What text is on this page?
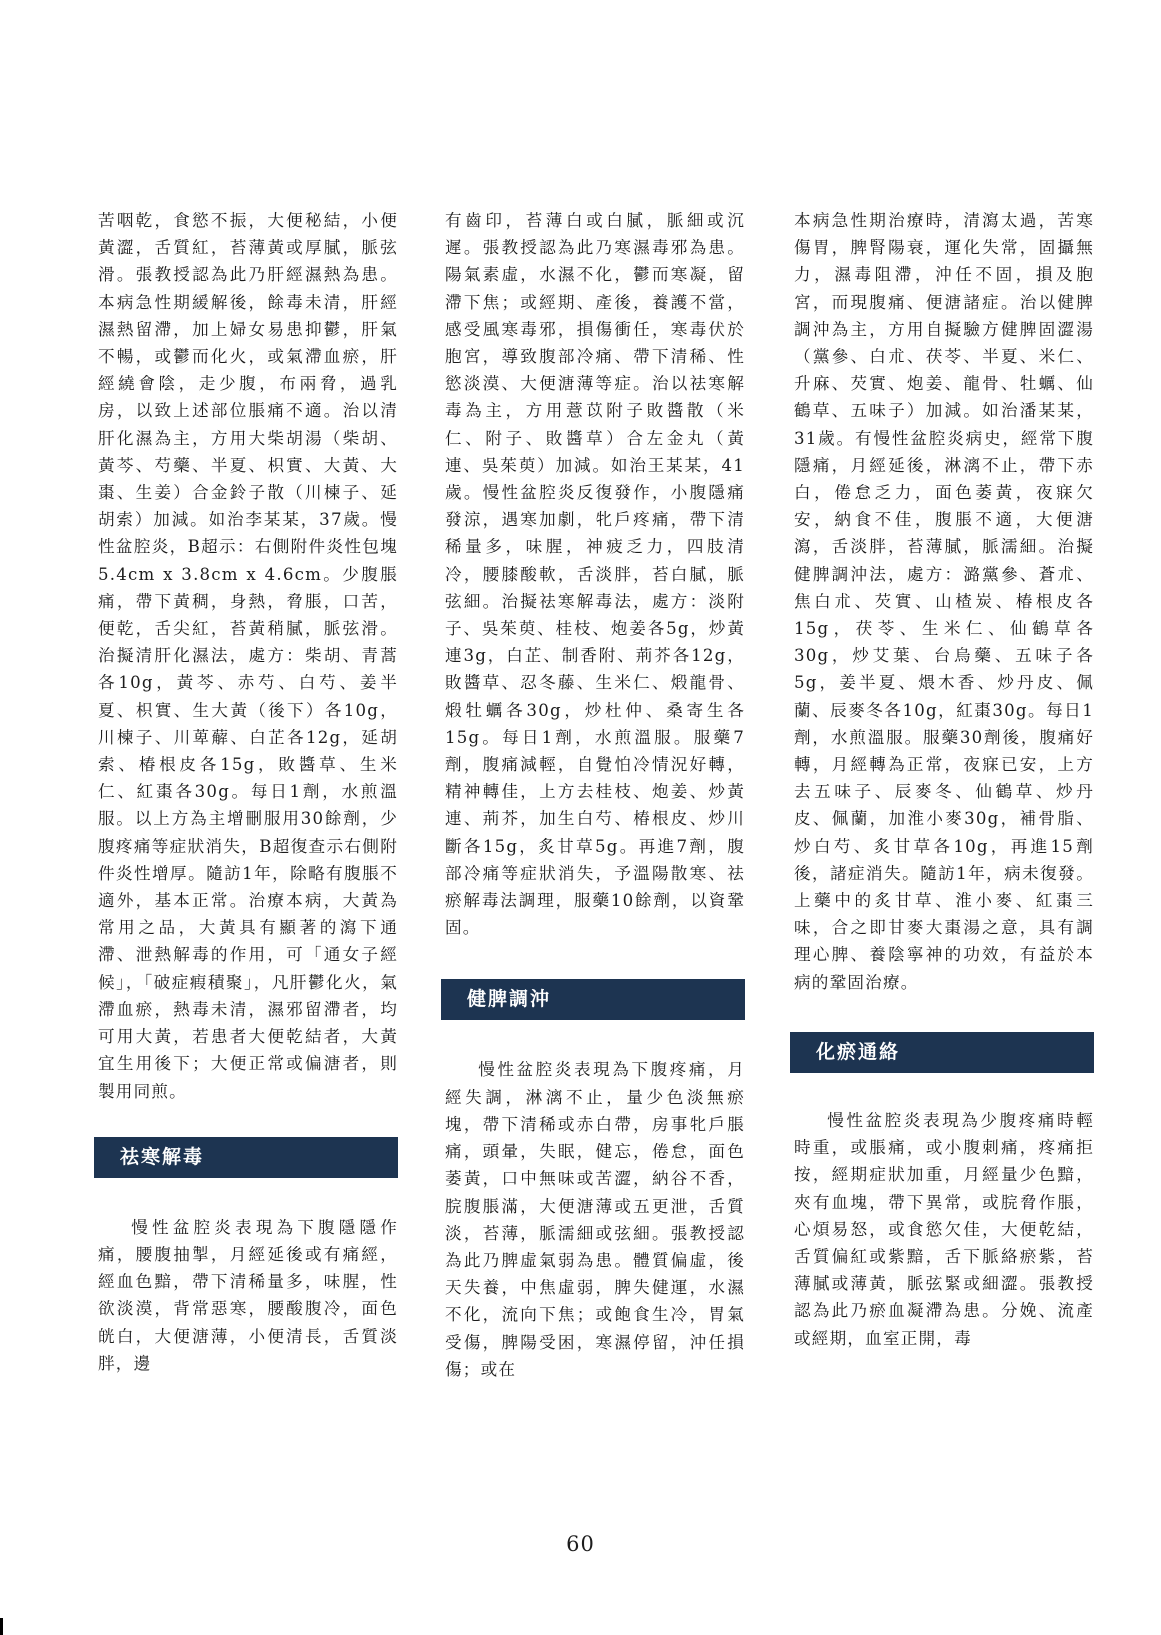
苦咽乾，食慾不振，大便秘結，小便黃澀，舌質紅，苔薄黃或厚膩，脈弦滑。張教授認為此乃肝經濕熱為患。本病急性期緩解後，餘毒未清，肝經濕熱留滯，加上婦女易患抑鬱，肝氣不暢，或鬱而化火，或氣滯血瘀，肝經繞會陰，走少腹，布兩脅，過乳房，以致上述部位脹痛不適。治以清肝化濕為主，方用大柴胡湯（柴胡、黃芩、芍藥、半夏、枳實、大黃、大棗、生姜）合金鈴子散（川楝子、延胡索）加減。如治李某某，37歲。慢性盆腔炎，B超示：右側附件炎性包塊5.4cm x 3.8cm x 4.6cm。少腹脹痛，帶下黃稠，身熱，脅脹，口苦，便乾，舌尖紅，苔黃稍膩，脈弦滑。治擬清肝化濕法，處方：柴胡、青蒿各10g，黃芩、赤芍、白芍、姜半夏、枳實、生大黃（後下）各10g，川楝子、川萆薢、白芷各12g，延胡索、椿根皮各15g，敗醬草、生米仁、紅棗各30g。每日1劑，水煎溫服。以上方為主增刪服用30餘劑，少腹疼痛等症狀消失，B超復查示右側附件炎性增厚。隨訪1年，除略有腹脹不適外，基本正常。治療本病，大黃為常用之品，大黃具有顯著的瀉下通滯、泄熱解毒的作用，可「通女子經候」，「破症瘕積聚」，凡肝鬱化火，氣滯血瘀，熱毒未清，濕邪留滯者，均可用大黃，若患者大便乾結者，大黃宜生用後下；大便正常或偏溏者，則製用同煎。

祛寒解毒

慢性盆腔炎表現為下腹隱隱作痛，腰腹抽掣，月經延後或有痛經，經血色黯，帶下清稀量多，味腥，性欲淡漠，背常惡寒，腰酸腹冷，面色㿠白，大便溏薄，小便清長，舌質淡胖，邊

有齒印，苔薄白或白膩，脈細或沉遲。張教授認為此乃寒濕毒邪為患。陽氣素虛，水濕不化，鬱而寒凝，留滯下焦；或經期、產後，養護不當，感受風寒毒邪，損傷衝任，寒毒伏於胞宮，導致腹部冷痛、帶下清稀、性慾淡漠、大便溏薄等症。治以祛寒解毒為主，方用薏苡附子敗醬散（米仁、附子、敗醬草）合左金丸（黃連、吳茱萸）加減。如治王某某，41歲。慢性盆腔炎反復發作，小腹隱痛發涼，遇寒加劇，牝戶疼痛，帶下清稀量多，味腥，神疲乏力，四肢清冷，腰膝酸軟，舌淡胖，苔白膩，脈弦細。治擬祛寒解毒法，處方：淡附子、吳茱萸、桂枝、炮姜各5g，炒黃連3g，白芷、制香附、荊芥各12g，敗醬草、忍冬藤、生米仁、煅龍骨、煅牡蠣各30g，炒杜仲、桑寄生各15g。每日1劑，水煎溫服。服藥7劑，腹痛減輕，自覺怕冷情況好轉，精神轉佳，上方去桂枝、炮姜、炒黃連、荊芥，加生白芍、椿根皮、炒川斷各15g，炙甘草5g。再進7劑，腹部冷痛等症狀消失，予溫陽散寒、祛瘀解毒法調理，服藥10餘劑，以資鞏固。

健脾調沖

慢性盆腔炎表現為下腹疼痛，月經失調，淋漓不止，量少色淡無瘀塊，帶下清稀或赤白帶，房事牝戶脹痛，頭暈，失眠，健忘，倦怠，面色萎黃，口中無味或苦澀，納谷不香，脘腹脹滿，大便溏薄或五更泄，舌質淡，苔薄，脈濡細或弦細。張教授認為此乃脾虛氣弱為患。體質偏虛，後天失養，中焦虛弱，脾失健運，水濕不化，流向下焦；或飽食生冷，胃氣受傷，脾陽受困，寒濕停留，沖任損傷；或在

本病急性期治療時，清瀉太過，苦寒傷胃，脾腎陽衰，運化失常，固攝無力，濕毒阻滯，沖任不固，損及胞宮，而現腹痛、便溏諸症。治以健脾調沖為主，方用自擬驗方健脾固澀湯（黨參、白朮、茯苓、半夏、米仁、升麻、芡實、炮姜、龍骨、牡蠣、仙鶴草、五味子）加減。如治潘某某，31歲。有慢性盆腔炎病史，經常下腹隱痛，月經延後，淋漓不止，帶下赤白，倦怠乏力，面色萎黃，夜寐欠安，納食不佳，腹脹不適，大便溏瀉，舌淡胖，苔薄膩，脈濡細。治擬健脾調沖法，處方：潞黨參、蒼朮、焦白朮、芡實、山楂炭、椿根皮各15g，茯苓、生米仁、仙鶴草各30g，炒艾葉、台烏藥、五味子各5g，姜半夏、煨木香、炒丹皮、佩蘭、辰麥冬各10g，紅棗30g。每日1劑，水煎溫服。服藥30劑後，腹痛好轉，月經轉為正常，夜寐已安，上方去五味子、辰麥冬、仙鶴草、炒丹皮、佩蘭，加淮小麥30g，補骨脂、炒白芍、炙甘草各10g，再進15劑後，諸症消失。隨訪1年，病未復發。上藥中的炙甘草、淮小麥、紅棗三味，合之即甘麥大棗湯之意，具有調理心脾、養陰寧神的功效，有益於本病的鞏固治療。

化瘀通絡

慢性盆腔炎表現為少腹疼痛時輕時重，或脹痛，或小腹刺痛，疼痛拒按，經期症狀加重，月經量少色黯，夾有血塊，帶下異常，或脘脅作脹，心煩易怒，或食慾欠佳，大便乾結，舌質偏紅或紫黯，舌下脈絡瘀紫，苔薄膩或薄黃，脈弦緊或細澀。張教授認為此乃瘀血凝滯為患。分娩、流產或經期，血室正開，毒

60
